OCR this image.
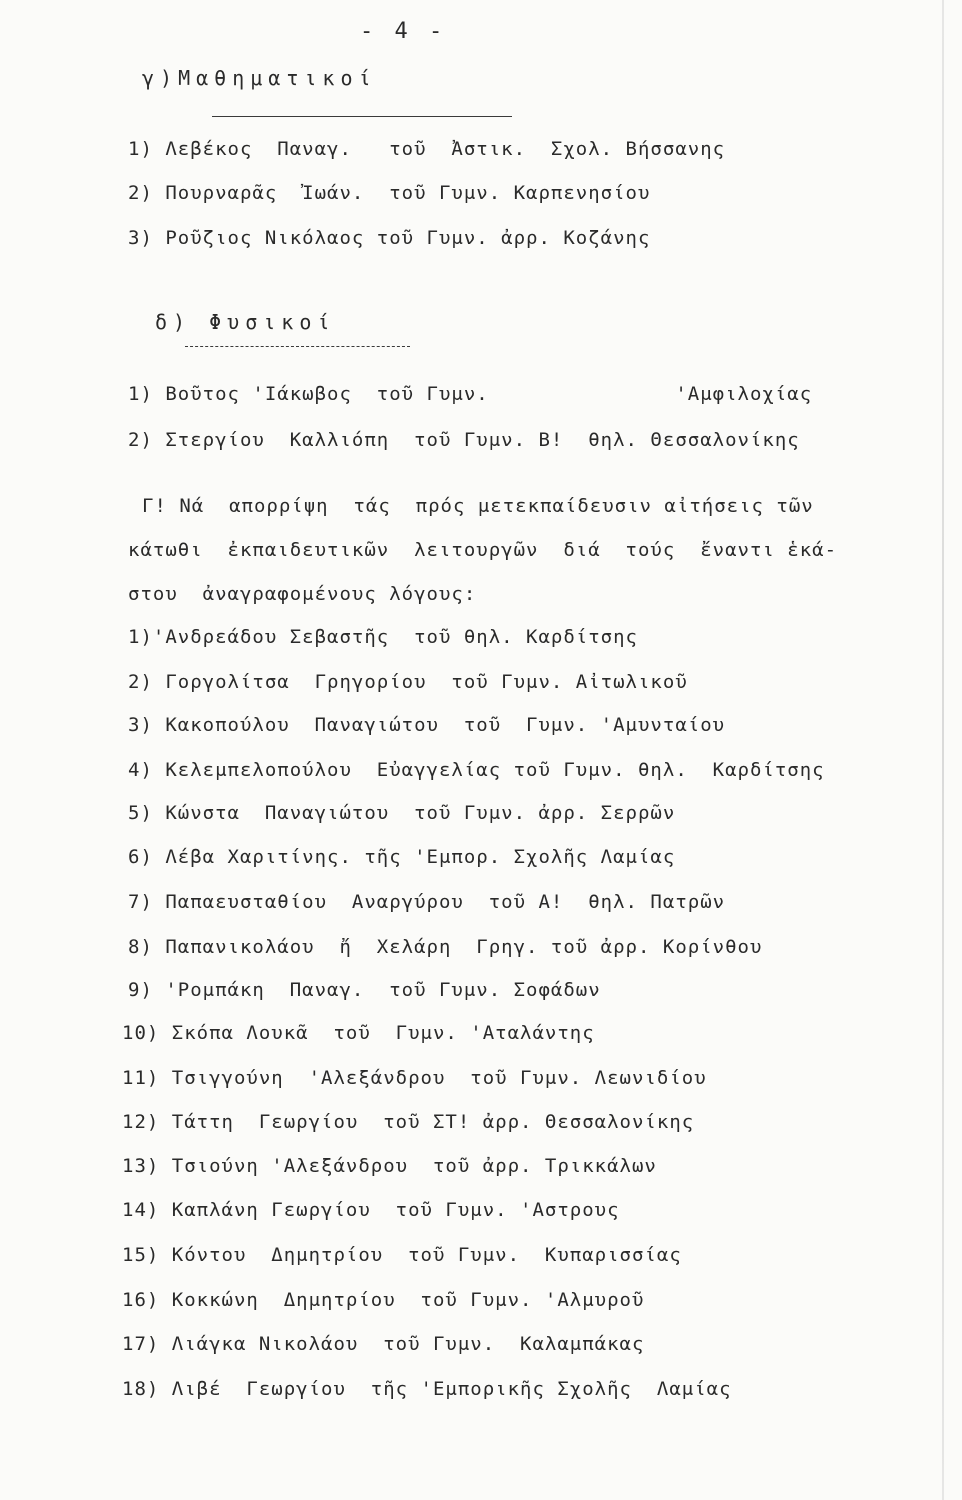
- 4 -
γ)Μαθηματικοί
1) Λεβέκος  Παναγ.   τοῦ  Ἀστικ.  Σχολ. Βήσσανης
2) Πουρναρᾶς  Ἰωάν.  τοῦ Γυμν. Καρπενησίου
3) Ροῦζιος Νικόλαος τοῦ Γυμν. ἀρρ. Κοζάνης
δ) Φυσικοί
1) Βοῦτος 'Ιάκωβος  τοῦ Γυμν.               'Αμφιλοχίας
2) Στεργίου  Καλλιόπη  τοῦ Γυμν. Β!  θηλ. Θεσσαλονίκης
Γ! Νά  απορρίψη  τάς  πρός μετεκπαίδευσιν αἰτήσεις τῶν
κάτωθι  ἐκπαιδευτικῶν  λειτουργῶν  διά  τούς  ἔναντι ἑκά-
στου  ἀναγραφομένους λόγους:
1)'Ανδρεάδου Σεβαστῆς  τοῦ θηλ. Καρδίτσης
2) Γοργολίτσα  Γρηγορίου  τοῦ Γυμν. Αἰτωλικοῦ
3) Κακοπούλου  Παναγιώτου  τοῦ  Γυμν. 'Αμυνταίου
4) Κελεμπελοπούλου  Εὐαγγελίας τοῦ Γυμν. θηλ.  Καρδίτσης
5) Κώνστα  Παναγιώτου  τοῦ Γυμν. ἀρρ. Σερρῶν
6) Λέβα Χαριτίνης. τῆς 'Εμπορ. Σχολῆς Λαμίας
7) Παπαευσταθίου  Αναργύρου  τοῦ Α!  θηλ. Πατρῶν
8) Παπανικολάου  ἤ  Χελάρη  Γρηγ. τοῦ ἀρρ. Κορίνθου
9) 'Ρομπάκη  Παναγ.  τοῦ Γυμν. Σοφάδων
10) Σκόπα Λουκᾶ  τοῦ  Γυμν. 'Αταλάντης
11) Τσιγγούνη  'Αλεξάνδρου  τοῦ Γυμν. Λεωνιδίου
12) Τάττη  Γεωργίου  τοῦ ΣΤ! ἀρρ. Θεσσαλονίκης
13) Τσιούνη 'Αλεξάνδρου  τοῦ ἀρρ. Τρικκάλων
14) Καπλάνη Γεωργίου  τοῦ Γυμν. 'Αστρους
15) Κόντου  Δημητρίου  τοῦ Γυμν.  Κυπαρισσίας
16) Κοκκώνη  Δημητρίου  τοῦ Γυμν. 'Αλμυροῦ
17) Λιάγκα Νικολάου  τοῦ Γυμν.  Καλαμπάκας
18) Λιβέ  Γεωργίου  τῆς 'Εμπορικῆς Σχολῆς  Λαμίας
